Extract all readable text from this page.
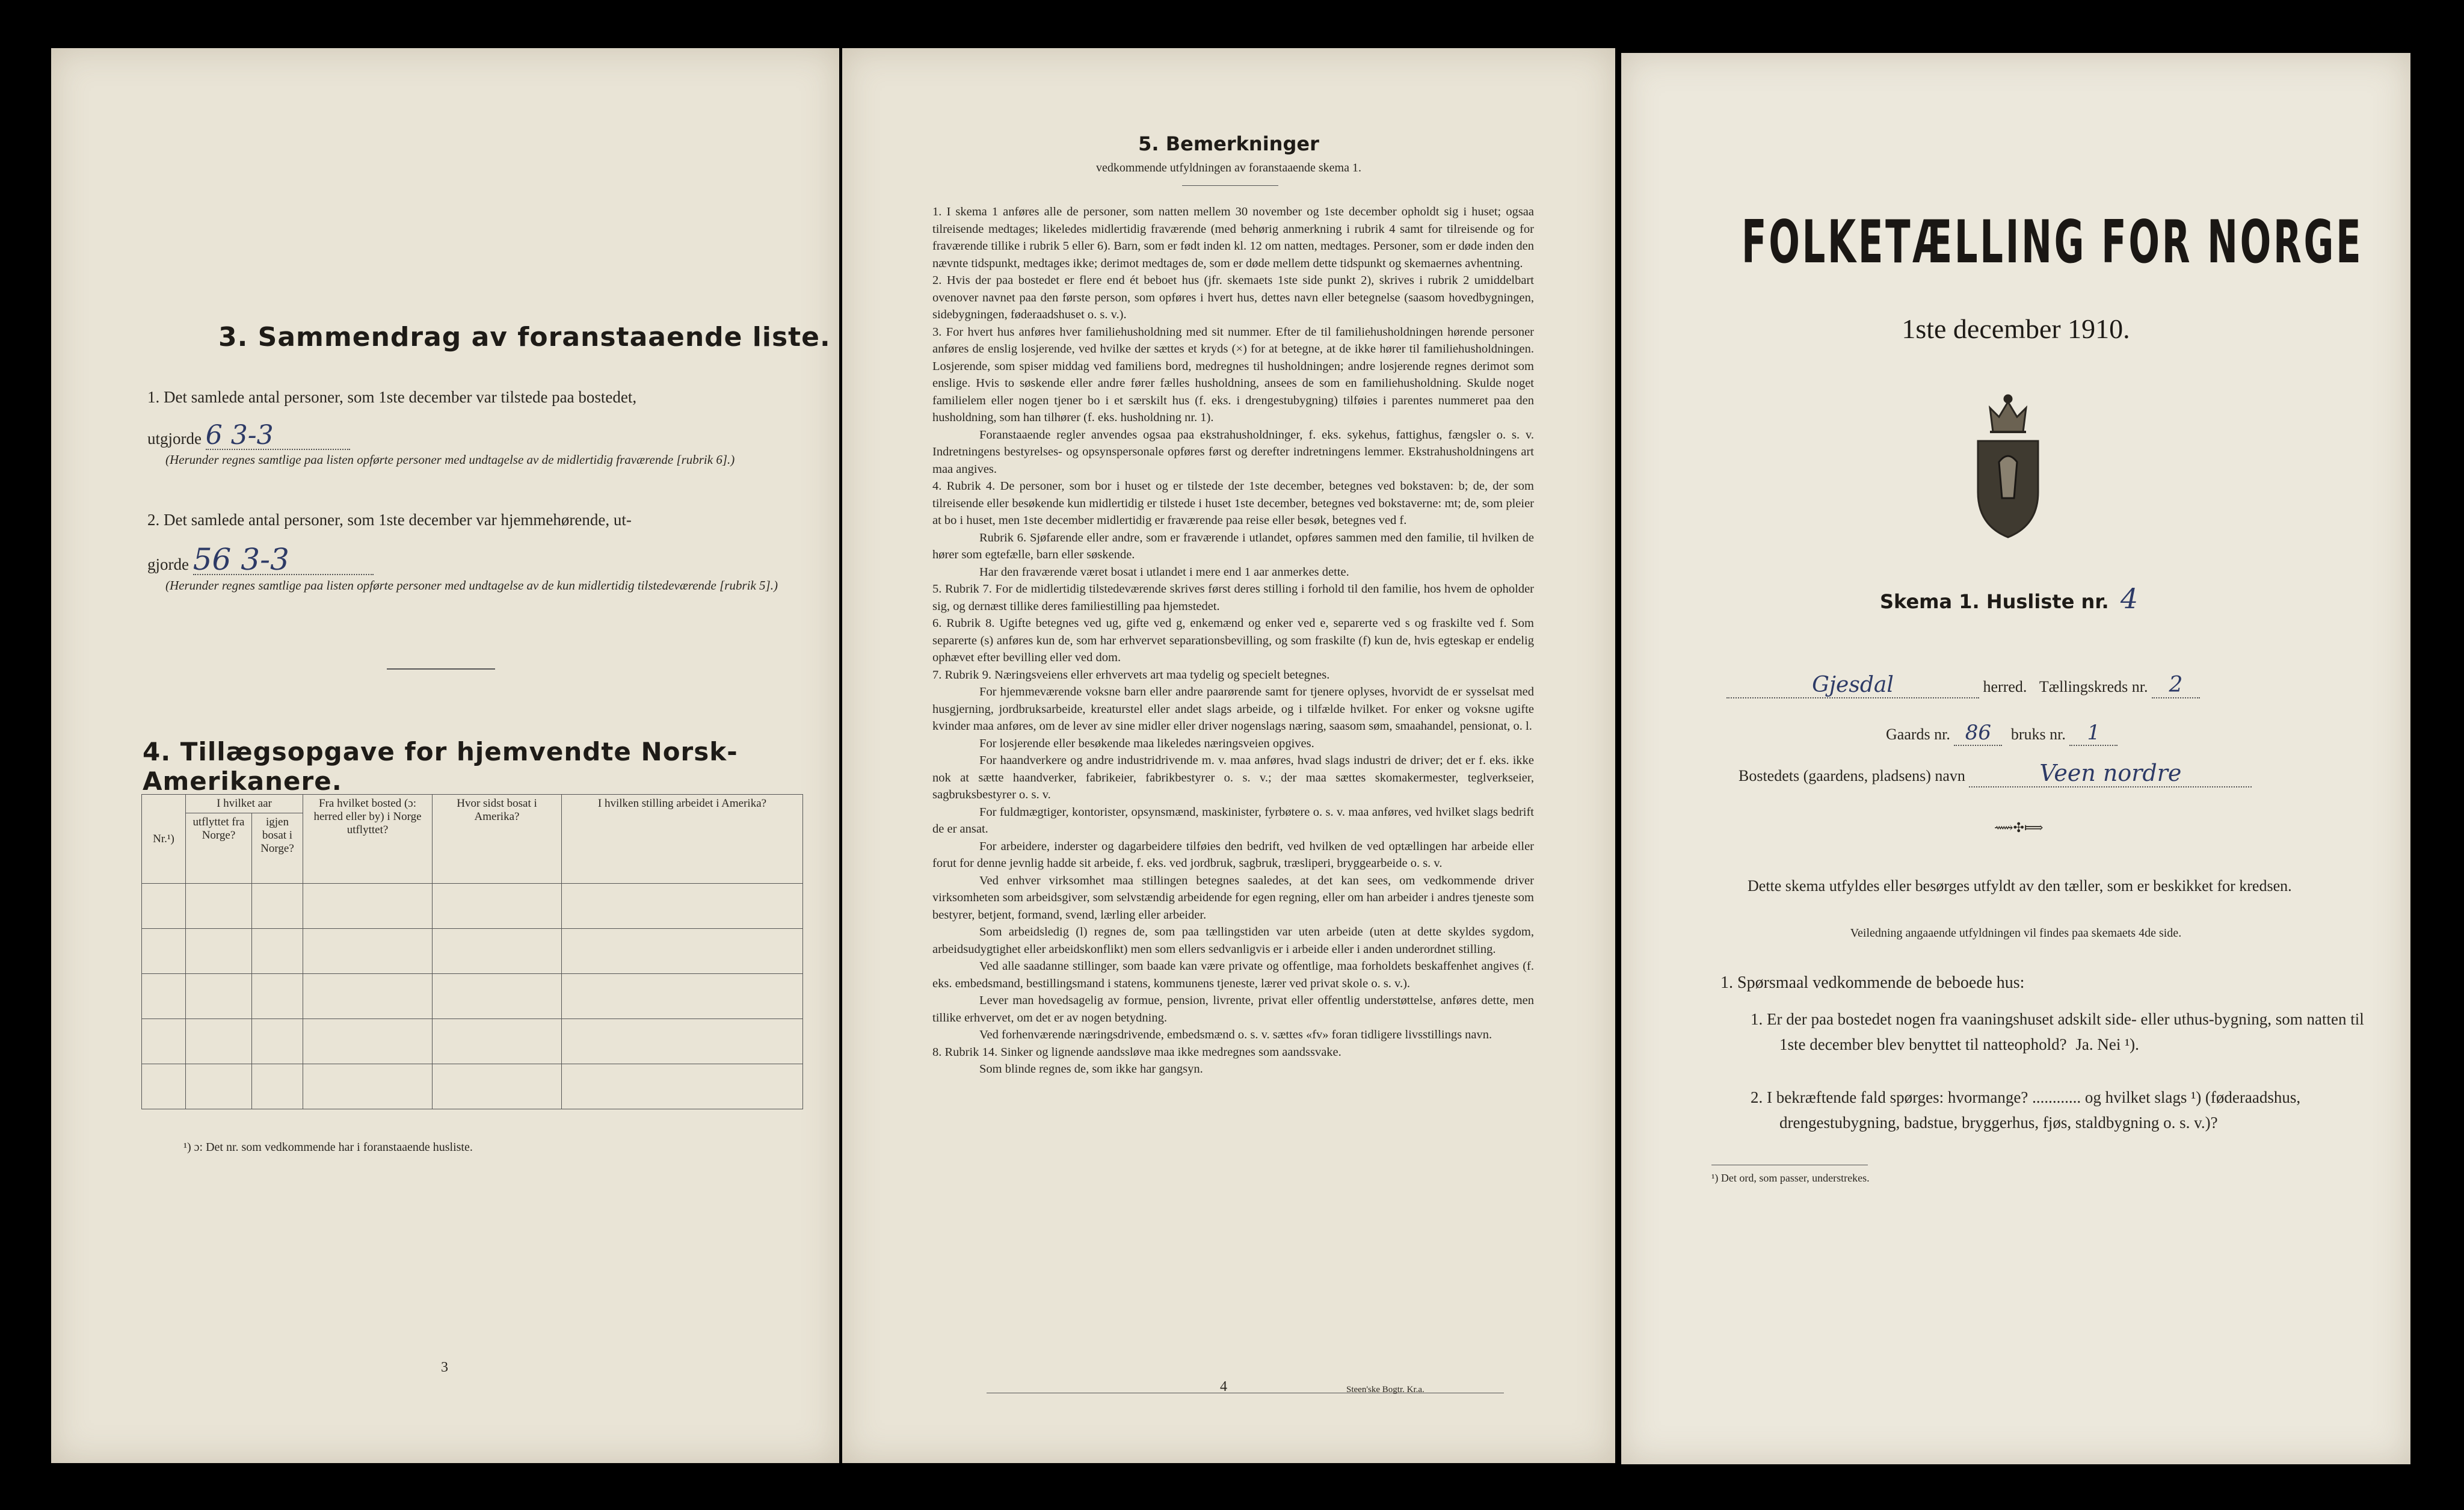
3. Sammendrag av foranstaaende liste.
1. Det samlede antal personer, som 1ste december var tilstede paa bostedet,
utgjorde 6 3-3
(Herunder regnes samtlige paa listen opførte personer med undtagelse av de midlertidig fraværende [rubrik 6].)
2. Det samlede antal personer, som 1ste december var hjemmehørende, ut-
gjorde 56 3-3
(Herunder regnes samtlige paa listen opførte personer med undtagelse av de kun midlertidig tilstedeværende [rubrik 5].)
4. Tillægsopgave for hjemvendte Norsk-Amerikanere.
Nr.¹)	I hvilket aar		Fra hvilket bosted (ɔ: herred eller by) i Norge utflyttet?	Hvor sidst bosat i Amerika?	I hvilken stilling arbeidet i Amerika?
	utflyttet fra Norge?	igjen bosat i Norge?			

¹) ɔ: Det nr. som vedkommende har i foranstaaende husliste.
3
5. Bemerkninger
vedkommende utfyldningen av foranstaaende skema 1.

1. I skema 1 anføres alle de personer, som natten mellem 30 november og 1ste december opholdt sig i huset; ogsaa tilreisende medtages; likeledes midlertidig fraværende (med behørig anmerkning i rubrik 4 samt for tilreisende og for fraværende tillike i rubrik 5 eller 6). Barn, som er født inden kl. 12 om natten, medtages. Personer, som er døde inden den nævnte tidspunkt, medtages ikke; derimot medtages de, som er døde mellem dette tidspunkt og skemaernes avhentning.

2. Hvis der paa bostedet er flere end ét beboet hus (jfr. skemaets 1ste side punkt 2), skrives i rubrik 2 umiddelbart ovenover navnet paa den første person, som opføres i hvert hus, dettes navn eller betegnelse (saasom hovedbygningen, sidebygningen, føderaadshuset o. s. v.).

3. For hvert hus anføres hver familiehusholdning med sit nummer. Efter de til familiehusholdningen hørende personer anføres de enslig losjerende, ved hvilke der sættes et kryds (×) for at betegne, at de ikke hører til familiehusholdningen. Losjerende, som spiser middag ved familiens bord, medregnes til husholdningen; andre losjerende regnes derimot som enslige. Hvis to søskende eller andre fører fælles husholdning, ansees de som en familiehusholdning. Skulde noget familielem eller nogen tjener bo i et særskilt hus (f. eks. i drengestubygning) tilføies i parentes nummeret paa den husholdning, som han tilhører (f. eks. husholdning nr. 1).

Foranstaaende regler anvendes ogsaa paa ekstrahusholdninger, f. eks. sykehus, fattighus, fængsler o. s. v. Indretningens bestyrelses- og opsynspersonale opføres først og derefter indretningens lemmer. Ekstrahusholdningens art maa angives.

4. Rubrik 4. De personer, som bor i huset og er tilstede der 1ste december, betegnes ved bokstaven: b; de, der som tilreisende eller besøkende kun midlertidig er tilstede i huset 1ste december, betegnes ved bokstaverne: mt; de, som pleier at bo i huset, men 1ste december midlertidig er fraværende paa reise eller besøk, betegnes ved f.

Rubrik 6. Sjøfarende eller andre, som er fraværende i utlandet, opføres sammen med den familie, til hvilken de hører som egtefælle, barn eller søskende.

Har den fraværende været bosat i utlandet i mere end 1 aar anmerkes dette.

5. Rubrik 7. For de midlertidig tilstedeværende skrives først deres stilling i forhold til den familie, hos hvem de opholder sig, og dernæst tillike deres familiestilling paa hjemstedet.

6. Rubrik 8. Ugifte betegnes ved ug, gifte ved g, enkemænd og enker ved e, separerte ved s og fraskilte ved f. Som separerte (s) anføres kun de, som har erhvervet separationsbevilling, og som fraskilte (f) kun de, hvis egteskap er endelig ophævet efter bevilling eller ved dom.

7. Rubrik 9. Næringsveiens eller erhvervets art maa tydelig og specielt betegnes.

For hjemmeværende voksne barn eller andre paarørende samt for tjenere oplyses, hvorvidt de er sysselsat med husgjerning, jordbruksarbeide, kreaturstel eller andet slags arbeide, og i tilfælde hvilket. For enker og voksne ugifte kvinder maa anføres, om de lever av sine midler eller driver nogenslags næring, saasom søm, smaahandel, pensionat, o. l.

For losjerende eller besøkende maa likeledes næringsveien opgives.

For haandverkere og andre industridrivende m. v. maa anføres, hvad slags industri de driver; det er f. eks. ikke nok at sætte haandverker, fabrikeier, fabrikbestyrer o. s. v.; der maa sættes skomakermester, teglverkseier, sagbruksbestyrer o. s. v.

For fuldmægtiger, kontorister, opsynsmænd, maskinister, fyrbøtere o. s. v. maa anføres, ved hvilket slags bedrift de er ansat.

For arbeidere, inderster og dagarbeidere tilføies den bedrift, ved hvilken de ved optællingen har arbeide eller forut for denne jevnlig hadde sit arbeide, f. eks. ved jordbruk, sagbruk, træsliperi, bryggearbeide o. s. v.

Ved enhver virksomhet maa stillingen betegnes saaledes, at det kan sees, om vedkommende driver virksomheten som arbeidsgiver, som selvstændig arbeidende for egen regning, eller om han arbeider i andres tjeneste som bestyrer, betjent, formand, svend, lærling eller arbeider.

Som arbeidsledig (l) regnes de, som paa tællingstiden var uten arbeide (uten at dette skyldes sygdom, arbeidsudygtighet eller arbeidskonflikt) men som ellers sedvanligvis er i arbeide eller i anden underordnet stilling.

Ved alle saadanne stillinger, som baade kan være private og offentlige, maa forholdets beskaffenhet angives (f. eks. embedsmand, bestillingsmand i statens, kommunens tjeneste, lærer ved privat skole o. s. v.).

Lever man hovedsagelig av formue, pension, livrente, privat eller offentlig understøttelse, anføres dette, men tillike erhvervet, om det er av nogen betydning.

Ved forhenværende næringsdrivende, embedsmænd o. s. v. sættes «fv» foran tidligere livsstillings navn.

8. Rubrik 14. Sinker og lignende aandssløve maa ikke medregnes som aandssvake.

Som blinde regnes de, som ikke har gangsyn.

4	Steen'ske Bogtr. Kr.a.
FOLKETÆLLING FOR NORGE
1ste december 1910.
Skema 1. Husliste nr. 4
Gjesdal	herred. Tællingskreds nr. 2
Gaards nr. 86 bruks nr. 1
Bostedets (gaardens, pladsens) navn	Veen nordre
⟿✣⟾
Dette skema utfyldes eller besørges utfyldt av den tæller, som er beskikket for kredsen.
Veiledning angaaende utfyldningen vil findes paa skemaets 4de side.
1. Spørsmaal vedkommende de beboede hus:
1. Er der paa bostedet nogen fra vaaningshuset adskilt side- eller uthus-bygning, som natten til 1ste december blev benyttet til natteophold? Ja. Nei ¹).
2. I bekræftende fald spørges: hvormange? ............ og hvilket slags ¹) (føderaadshus, drengestubygning, badstue, bryggerhus, fjøs, staldbygning o. s. v.)?
¹) Det ord, som passer, understrekes.
